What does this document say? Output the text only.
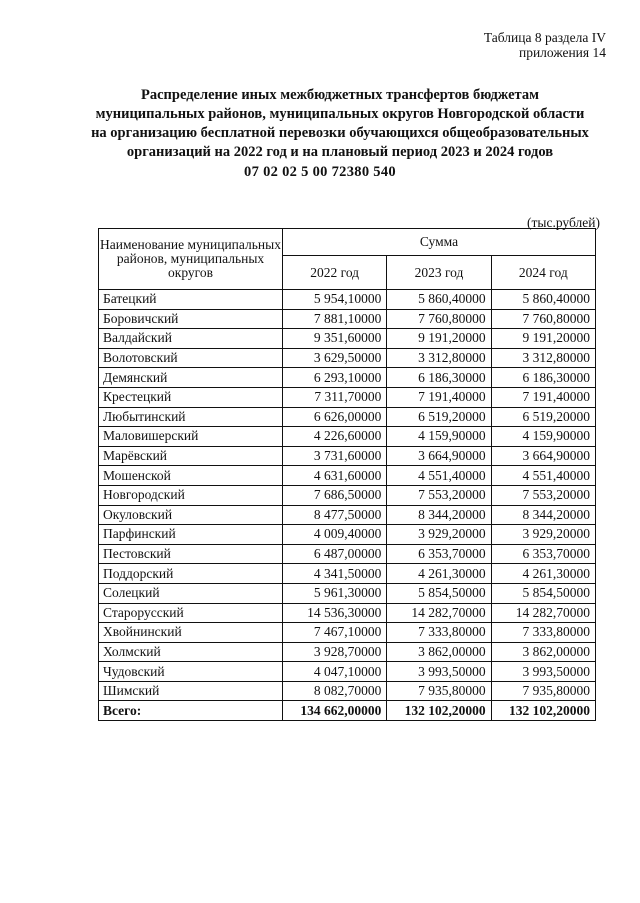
Таблица 8 раздела IV
приложения 14
Распределение иных межбюджетных трансфертов бюджетам
муниципальных районов, муниципальных округов Новгородской области
на организацию бесплатной перевозки обучающихся общеобразовательных
организаций на 2022 год и на плановый период 2023 и 2024 годов
07 02 02 5 00 72380 540
(тыс.рублей)
Наименование муниципальных районов, муниципальных округов	Сумма		
	2022 год	2023 год	2024 год
Батецкий	5 954,10000	5 860,40000	5 860,40000
Боровичский	7 881,10000	7 760,80000	7 760,80000
Валдайский	9 351,60000	9 191,20000	9 191,20000
Волотовский	3 629,50000	3 312,80000	3 312,80000
Демянский	6 293,10000	6 186,30000	6 186,30000
Крестецкий	7 311,70000	7 191,40000	7 191,40000
Любытинский	6 626,00000	6 519,20000	6 519,20000
Маловишерский	4 226,60000	4 159,90000	4 159,90000
Марёвский	3 731,60000	3 664,90000	3 664,90000
Мошенской	4 631,60000	4 551,40000	4 551,40000
Новгородский	7 686,50000	7 553,20000	7 553,20000
Окуловский	8 477,50000	8 344,20000	8 344,20000
Парфинский	4 009,40000	3 929,20000	3 929,20000
Пестовский	6 487,00000	6 353,70000	6 353,70000
Поддорский	4 341,50000	4 261,30000	4 261,30000
Солецкий	5 961,30000	5 854,50000	5 854,50000
Старорусский	14 536,30000	14 282,70000	14 282,70000
Хвойнинский	7 467,10000	7 333,80000	7 333,80000
Холмский	3 928,70000	3 862,00000	3 862,00000
Чудовский	4 047,10000	3 993,50000	3 993,50000
Шимский	8 082,70000	7 935,80000	7 935,80000
Всего:	134 662,00000	132 102,20000	132 102,20000
